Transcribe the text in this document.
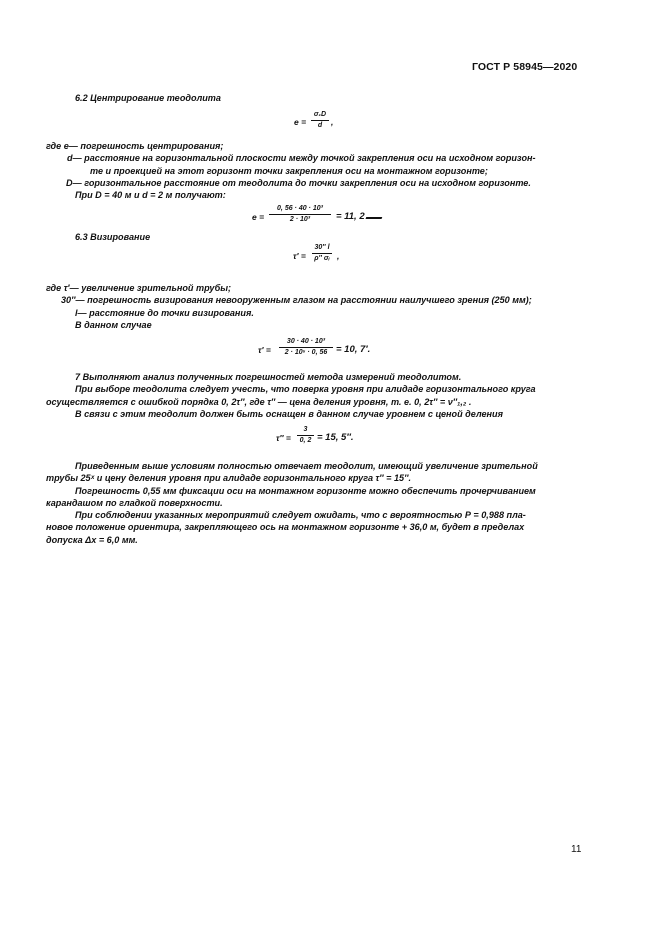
ГОСТ Р 58945—2020
6.2 Центрирование теодолита
e =
σ₁D
d ,
где e— погрешность центрирования;
d— расстояние на горизонтальной плоскости между точкой закрепления оси на исходном горизон-
те и проекцией на этот горизонт точки закрепления оси на монтажном горизонте;
D— горизонтальное расстояние от теодолита до точки закрепления оси на исходном горизонте.
При D = 40 м и d = 2 м получают:
e =
0, 56 · 40 · 10³
2 · 10³	= 11, 2
6.3 Визирование
τ′ =
30″ l
ρ″ σᵢ ,
где τ′— увеличение зрительной трубы;
30″— погрешность визирования невооруженным глазом на расстоянии наилучшего зрения (250 мм);
l— расстояние до точки визирования.
В данном случае
τ′ =
30 · 40 · 10³
2 · 10⁵ · 0, 56 = 10, 7′.
7 Выполняют анализ полученных погрешностей метода измерений теодолитом.
При выборе теодолита следует учесть, что поверка уровня при алидаде горизонтального круга
осуществляется с ошибкой порядка 0, 2τ″, где τ″ — цена деления уровня, т. е. 0, 2τ″ = ν″₁,₂ .
В связи с этим теодолит должен быть оснащен в данном случае уровнем с ценой деления
τ″ =
3
0, 2 = 15, 5″.
Приведенным выше условиям полностью отвечает теодолит, имеющий увеличение зрительной
трубы 25ˣ и цену деления уровня при алидаде горизонтального круга τ″ = 15″.
Погрешность 0,55 мм фиксации оси на монтажном горизонте можно обеспечить прочерчиванием
карандашом по гладкой поверхности.
При соблюдении указанных мероприятий следует ожидать, что с вероятностью Р = 0,988 пла-
новое положение ориентира, закрепляющего ось на монтажном горизонте + 36,0 м, будет в пределах
допуска Δx = 6,0 мм.
11
